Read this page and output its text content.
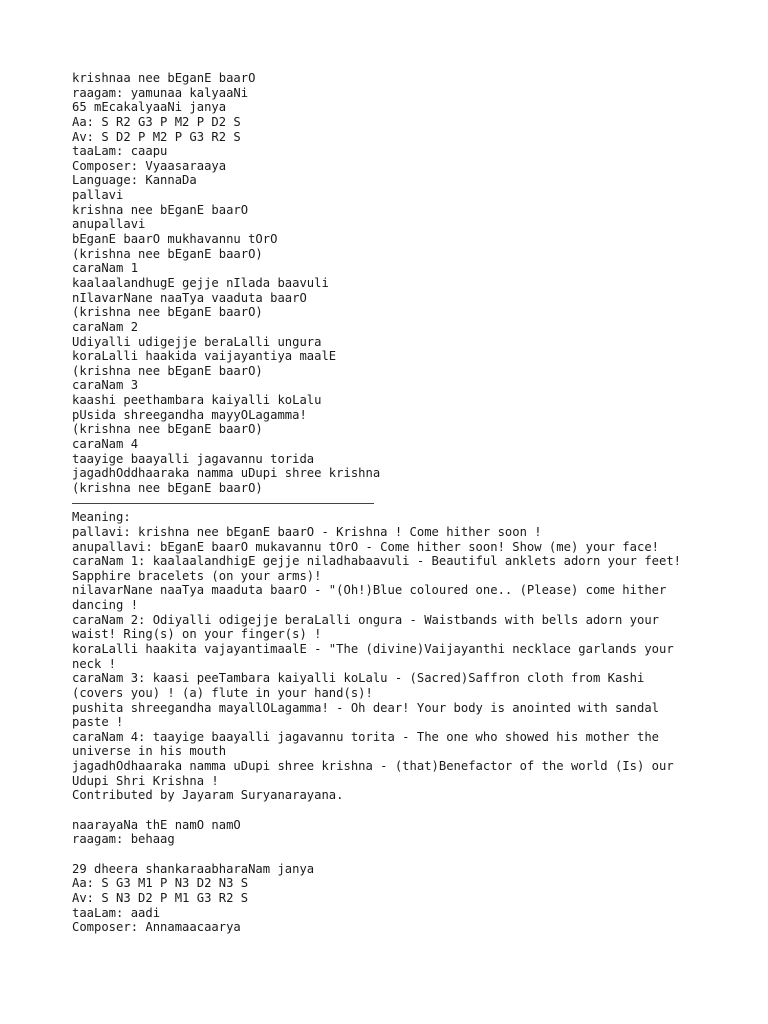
krishnaa nee bEganE baarO
raagam: yamunaa kalyaaNi
65 mEcakalyaaNi janya
Aa: S R2 G3 P M2 P D2 S
Av: S D2 P M2 P G3 R2 S
taaLam: caapu
Composer: Vyaasaraaya
Language: KannaDa
pallavi
krishna nee bEganE baarO
anupallavi
bEganE baarO mukhavannu tOrO
(krishna nee bEganE baarO)
caraNam 1
kaalaalandhugE gejje nIlada baavuli
nIlavarNane naaTya vaaduta baarO
(krishna nee bEganE baarO)
caraNam 2
Udiyalli udigejje beraLalli ungura
koraLalli haakida vaijayantiya maalE
(krishna nee bEganE baarO)
caraNam 3
kaashi peethambara kaiyalli koLalu
pUsida shreegandha mayyOLagamma!
(krishna nee bEganE baarO)
caraNam 4
taayige baayalli jagavannu torida
jagadhOddhaaraka namma uDupi shree krishna
(krishna nee bEganE baarO)
Meaning:
pallavi: krishna nee bEganE baarO - Krishna ! Come hither soon !
anupallavi: bEganE baarO mukavannu tOrO - Come hither soon! Show (me) your face!
caraNam 1: kaalaalandhigE gejje niladhabaavuli - Beautiful anklets adorn your feet!
Sapphire bracelets (on your arms)!
nilavarNane naaTya maaduta baarO - "(Oh!)Blue coloured one.. (Please) come hither
dancing !
caraNam 2: Odiyalli odigejje beraLalli ongura - Waistbands with bells adorn your
waist! Ring(s) on your finger(s) !
koraLalli haakita vajayantimaalE - "The (divine)Vaijayanthi necklace garlands your
neck !
caraNam 3: kaasi peeTambara kaiyalli koLalu - (Sacred)Saffron cloth from Kashi
(covers you) ! (a) flute in your hand(s)!
pushita shreegandha mayallOLagamma! - Oh dear! Your body is anointed with sandal
paste !
caraNam 4: taayige baayalli jagavannu torita - The one who showed his mother the
universe in his mouth
jagadhOdhaaraka namma uDupi shree krishna - (that)Benefactor of the world (Is) our
Udupi Shri Krishna !
Contributed by Jayaram Suryanarayana.
naarayaNa thE namO namO
raagam: behaag
29 dheera shankaraabharaNam janya
Aa: S G3 M1 P N3 D2 N3 S
Av: S N3 D2 P M1 G3 R2 S
taaLam: aadi
Composer: Annamaacaarya
